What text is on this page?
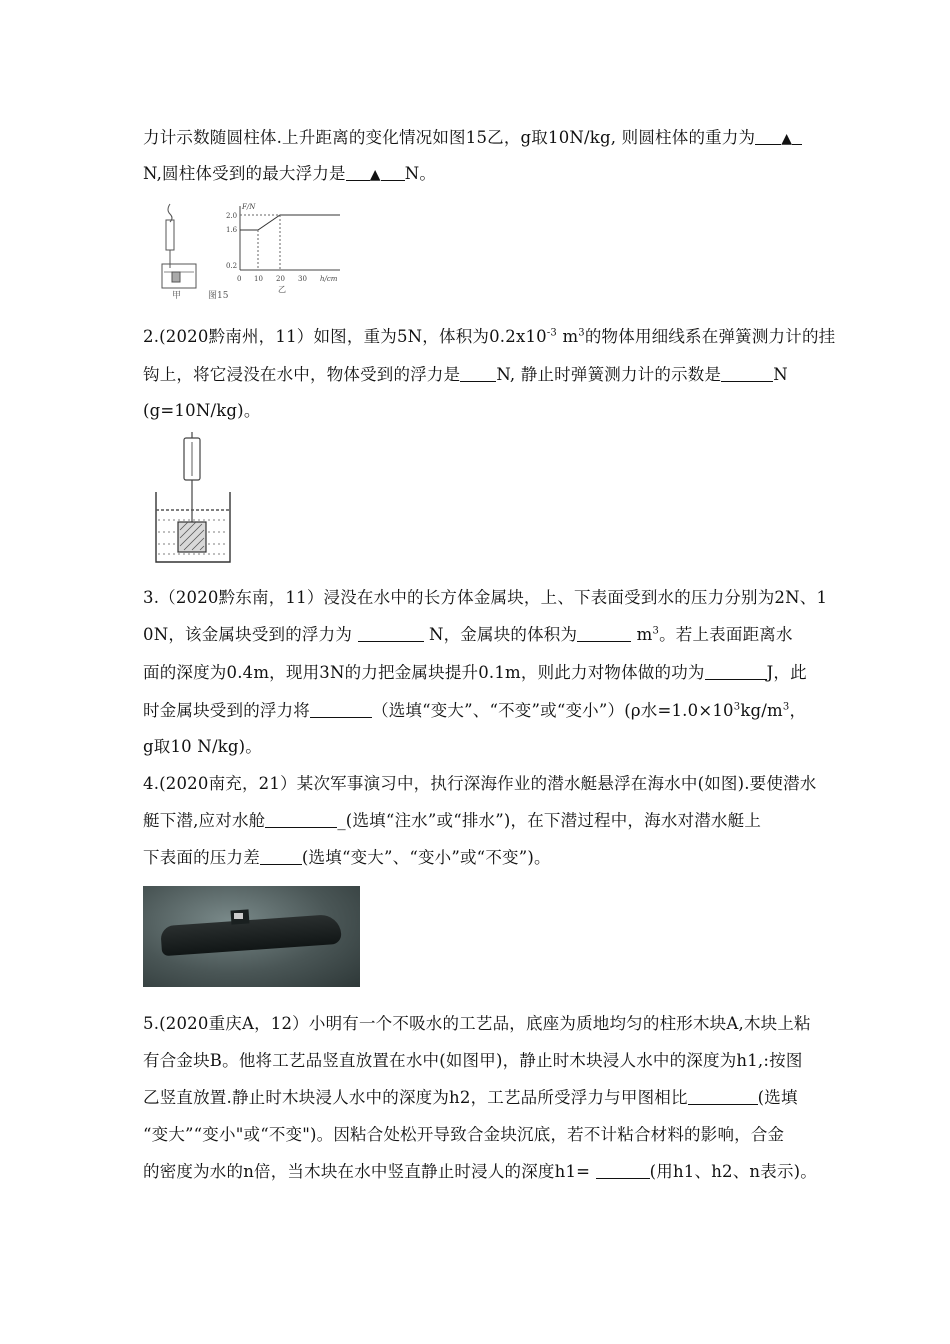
力计示数随圆柱体.上升距离的变化情况如图15乙，g取10N/kg, 则圆柱体的重力为 ▲
N,圆柱体受到的最大浮力是 ▲ N。
甲	图15
F/N
2.0
1.6
0.2
0 10 20 30 h/cm
乙
2.(2020黔南州，11）如图，重为5N，体积为$0.2x10^{-3}$ $m^3$的物体用细线系在弹簧测力计的挂
钩上，将它浸没在水中，物体受到的浮力是 N, 静止时弹簧测力计的示数是	N
(g=10N/kg)。
3.（2020黔东南，11）浸没在水中的长方体金属块，上、下表面受到水的压力分别为2N、1
0N，该金属块受到的浮力为	N，金属块的体积为	$m^3$。若上表面距离水
面的深度为0.4m，现用3N的力把金属块提升0.1m，则此力对物体做的功为	J，此
时金属块受到的浮力将	（选填“变大”、“不变”或“变小”）(ρ水$=1.0\times 10^3kg/m^3$，
g取10 N/kg)。
4.(2020南充，21）某次军事演习中，执行深海作业的潜水艇悬浮在海水中(如图).要使潜水
艇下潜,应对水舱	_(选填“注水”或“排水”)，在下潜过程中，海水对潜水艇上
下表面的压力差	(选填“变大”、“变小”或“不变”)。
5.(2020重庆A，12）小明有一个不吸水的工艺品，底座为质地均匀的柱形木块A,木块上粘
有合金块B。他将工艺品竖直放置在水中(如图甲)，静止时木块浸人水中的深度为h1,:按图
乙竖直放置.静止时木块浸人水中的深度为h2，工艺品所受浮力与甲图相比	(选填
“变大”“变小"或“不变")。因粘合处松开导致合金块沉底，若不计粘合材料的影响，合金
的密度为水的n倍，当木块在水中竖直静止时浸人的深度h1=	(用h1、h2、n表示)。
